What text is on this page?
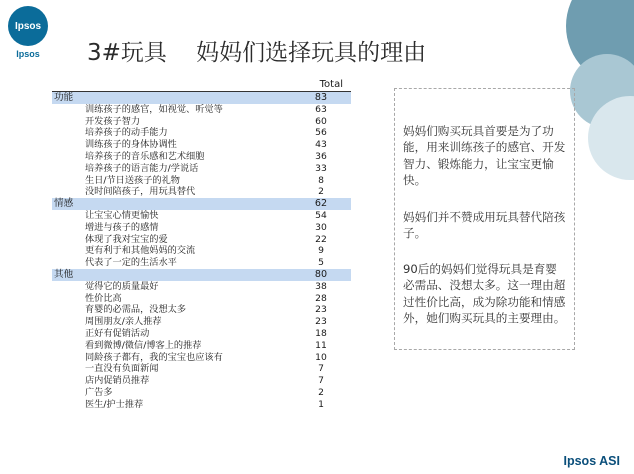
Ipsos
Ipsos	3#玩具    妈妈们选择玩具的理由
Total
功能	83
训练孩子的感官，如视觉、听觉等	63
开发孩子智力	60
培养孩子的动手能力	56
训练孩子的身体协调性	43
培养孩子的音乐感和艺术细胞	36
培养孩子的语言能力/学说话	33
生日/节日送孩子的礼物	8
没时间陪孩子，用玩具替代	2
情感	62
让宝宝心情更愉快	54
增进与孩子的感情	30
体现了我对宝宝的爱	22
更有利于和其他妈妈的交流	9
代表了一定的生活水平	5
其他	80
觉得它的质量最好	38
性价比高	28
育婴的必需品，没想太多	23
周围朋友/亲人推荐	23
正好有促销活动	18
看到微博/微信/博客上的推荐	11
同龄孩子都有，我的宝宝也应该有	10
一直没有负面新闻	7
店内促销员推荐	7
广告多	2
医生/护士推荐	1
妈妈们购买玩具首要是为了功能，用来训练孩子的感官、开发智力、锻炼能力，让宝宝更愉快。
妈妈们并不赞成用玩具替代陪孩子。
90后的妈妈们觉得玩具是育婴必需品、没想太多。这一理由超过性价比高，成为除功能和情感外，她们购买玩具的主要理由。
Ipsos ASI
